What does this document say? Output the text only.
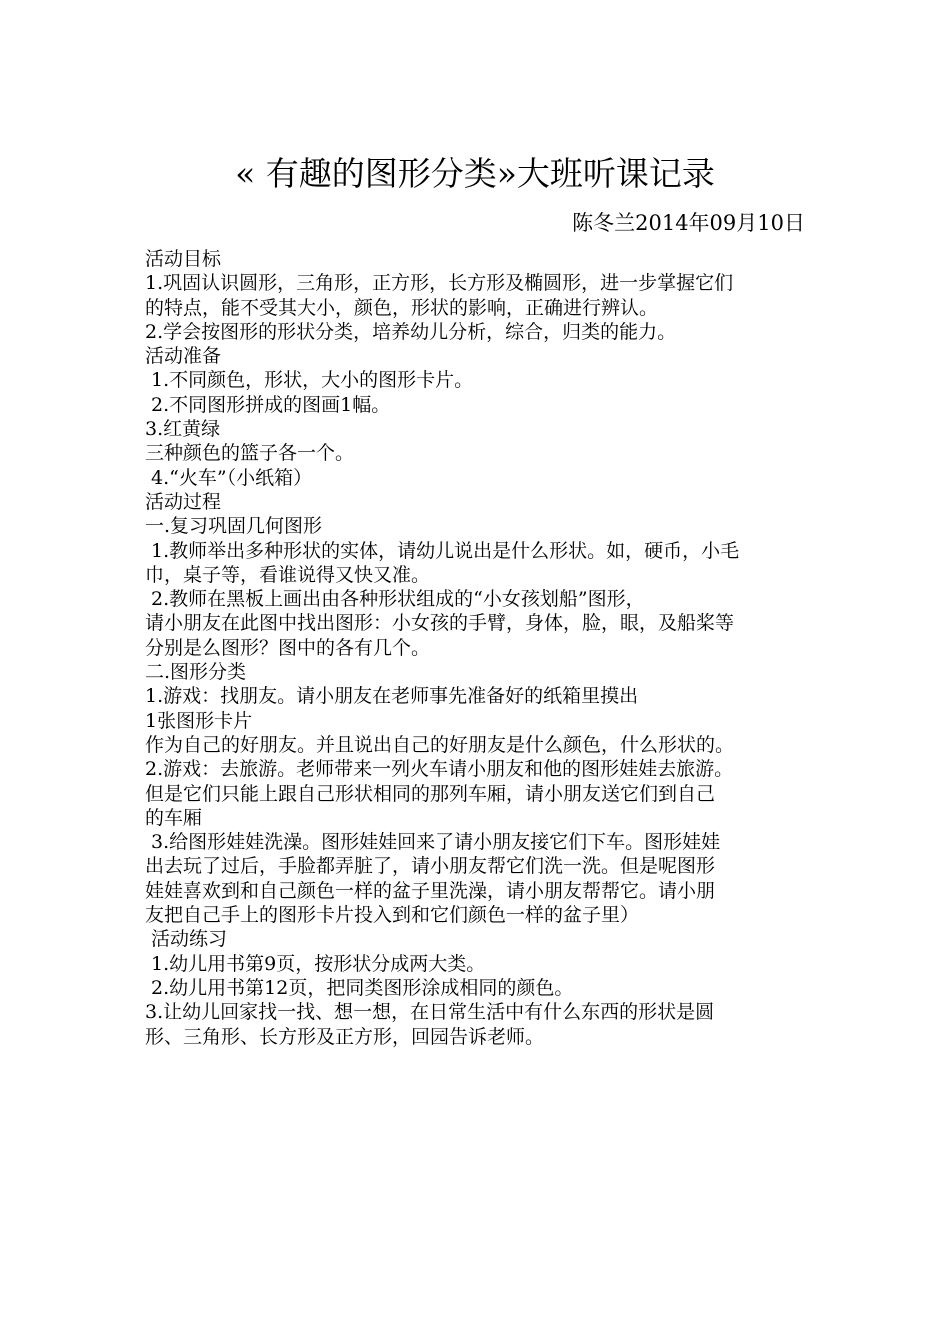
« 有趣的图形分类»大班听课记录
陈冬兰2014年09月10日
活动目标
1.巩固认识圆形，三角形，正方形，长方形及椭圆形，进一步掌握它们
的特点，能不受其大小，颜色，形状的影响，正确进行辨认。
2.学会按图形的形状分类，培养幼儿分析，综合，归类的能力。
活动准备
1.不同颜色，形状，大小的图形卡片。
2.不同图形拼成的图画1幅。
3.红黄绿
三种颜色的篮子各一个。
4.“火车”（小纸箱）
活动过程
一.复习巩固几何图形
1.教师举出多种形状的实体，请幼儿说出是什么形状。如，硬币，小毛
巾，桌子等，看谁说得又快又准。
2.教师在黑板上画出由各种形状组成的“小女孩划船”图形，
请小朋友在此图中找出图形：小女孩的手臂，身体，脸，眼，及船桨等
分别是么图形？图中的各有几个。
二.图形分类
1.游戏：找朋友。请小朋友在老师事先准备好的纸箱里摸出
1张图形卡片
作为自己的好朋友。并且说出自己的好朋友是什么颜色，什么形状的。
2.游戏：去旅游。老师带来一列火车请小朋友和他的图形娃娃去旅游。
但是它们只能上跟自己形状相同的那列车厢，请小朋友送它们到自己
的车厢
3.给图形娃娃洗澡。图形娃娃回来了请小朋友接它们下车。图形娃娃
出去玩了过后，手脸都弄脏了，请小朋友帮它们洗一洗。但是呢图形
娃娃喜欢到和自己颜色一样的盆子里洗澡，请小朋友帮帮它。请小朋
友把自己手上的图形卡片投入到和它们颜色一样的盆子里）
活动练习
1.幼儿用书第9页，按形状分成两大类。
2.幼儿用书第12页，把同类图形涂成相同的颜色。
3.让幼儿回家找一找、想一想，在日常生活中有什么东西的形状是圆
形、三角形、长方形及正方形，回园告诉老师。
